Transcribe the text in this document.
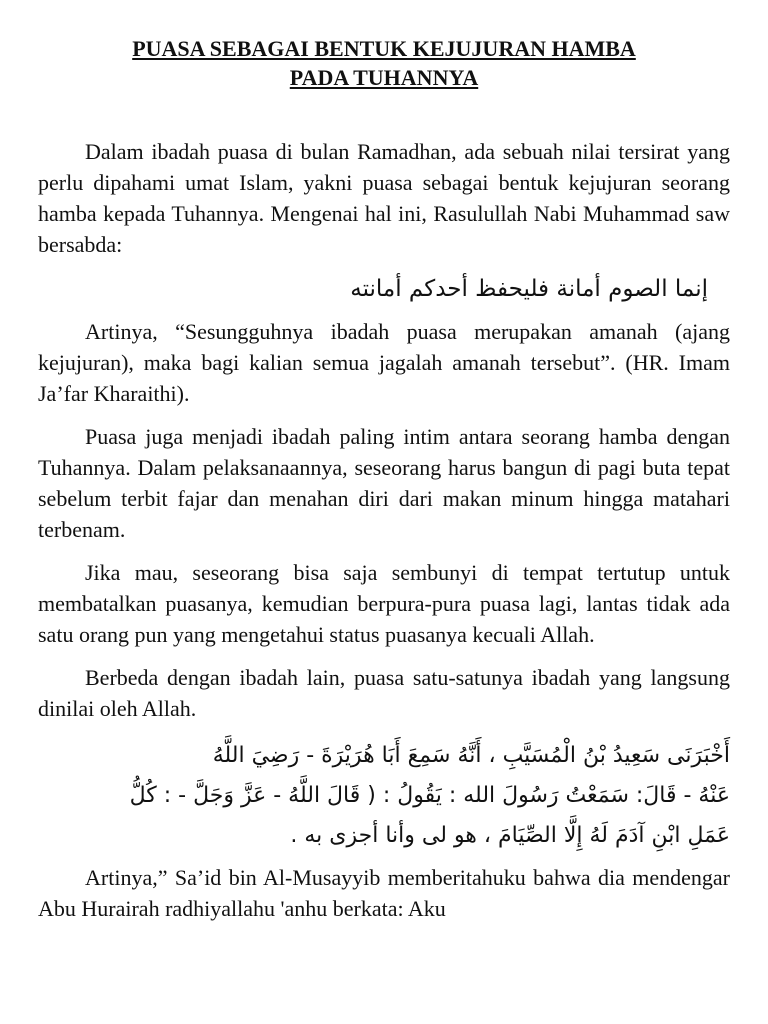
PUASA SEBAGAI BENTUK KEJUJURAN HAMBA
PADA TUHANNYA

Dalam ibadah puasa di bulan Ramadhan, ada sebuah nilai tersirat yang perlu dipahami umat Islam, yakni puasa sebagai bentuk kejujuran seorang hamba kepada Tuhannya. Mengenai hal ini, Rasulullah Nabi Muhammad saw bersabda:

إنما الصوم أمانة فليحفظ أحدكم أمانته

Artinya, “Sesungguhnya ibadah puasa merupakan amanah (ajang kejujuran), maka bagi kalian semua jagalah amanah tersebut”. (HR. Imam Ja’far Kharaithi).

Puasa juga menjadi ibadah paling intim antara seorang hamba dengan Tuhannya. Dalam pelaksanaannya, seseorang harus bangun di pagi buta tepat sebelum terbit fajar dan menahan diri dari makan minum hingga matahari terbenam.

Jika mau, seseorang bisa saja sembunyi di tempat tertutup untuk membatalkan puasanya, kemudian berpura-pura puasa lagi, lantas tidak ada satu orang pun yang mengetahui status puasanya kecuali Allah.

Berbeda dengan ibadah lain, puasa satu-satunya ibadah yang langsung dinilai oleh Allah.

أَخْبَرَنَى سَعِيدُ بْنُ الْمُسَيَّبِ ، أَنَّهُ سَمِعَ أَبَا هُرَيْرَةَ - رَضِيَ اللَّهُ
عَنْهُ - قَالَ: سَمَعْتُ رَسُولَ الله : يَقُولُ : ( قَالَ اللَّهُ - عَزَّ وَجَلَّ - : كُلُّ
عَمَلِ ابْنِ آدَمَ لَهُ إِلَّا الصِّيَامَ ، هو لى وأنا أجزى به .

Artinya,” Sa’id bin Al-Musayyib memberitahuku bahwa dia mendengar Abu Hurairah radhiyallahu 'anhu berkata: Aku
